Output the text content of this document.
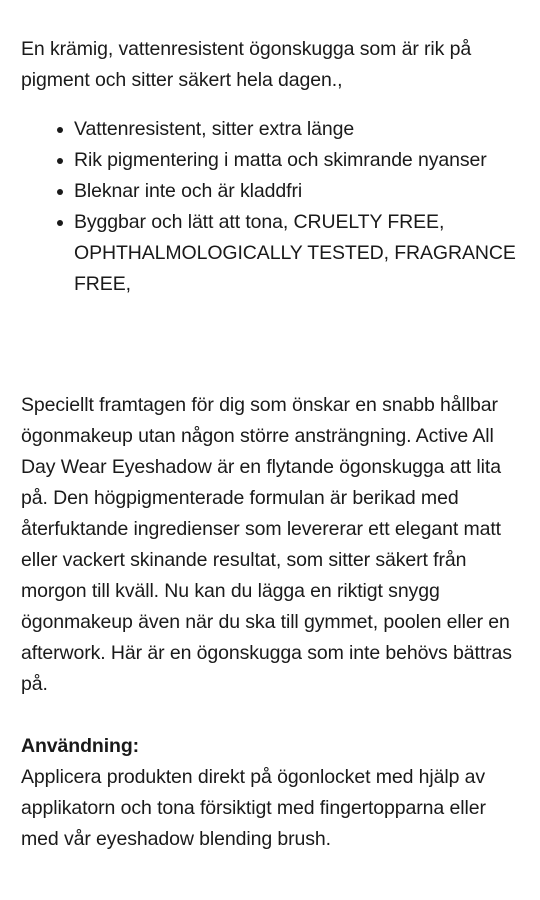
En krämig, vattenresistent ögonskugga som är rik på pigment och sitter säkert hela dagen.,

Vattenresistent, sitter extra länge
Rik pigmentering i matta och skimrande nyanser
Bleknar inte och är kladdfri
Byggbar och lätt att tona, CRUELTY FREE, OPHTHALMOLOGICALLY TESTED, FRAGRANCE FREE,

Speciellt framtagen för dig som önskar en snabb hållbar ögonmakeup utan någon större ansträngning. Active All Day Wear Eyeshadow är en flytande ögonskugga att lita på. Den högpigmenterade formulan är berikad med återfuktande ingredienser som levererar ett elegant matt eller vackert skinande resultat, som sitter säkert från morgon till kväll. Nu kan du lägga en riktigt snygg ögonmakeup även när du ska till gymmet, poolen eller en afterwork. Här är en ögonskugga som inte behövs bättras på.

Användning:

Applicera produkten direkt på ögonlocket med hjälp av applikatorn och tona försiktigt med fingertopparna eller med vår eyeshadow blending brush.
